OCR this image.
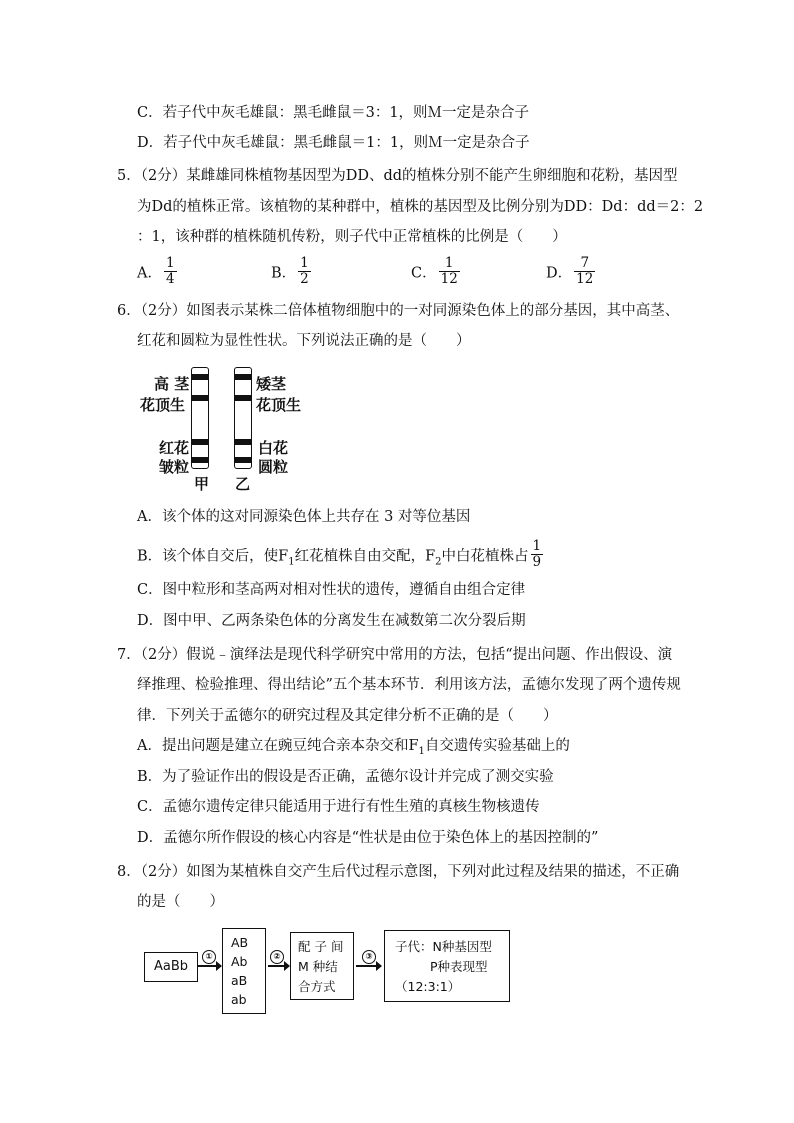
C．若子代中灰毛雄鼠：黑毛雌鼠＝3：1，则Ｍ一定是杂合子
D．若子代中灰毛雄鼠：黑毛雌鼠＝1：1，则Ｍ一定是杂合子
5．（2分）某雌雄同株植物基因型为DD、dd的植株分别不能产生卵细胞和花粉，基因型
为Dd的植株正常。该植物的某种群中，植株的基因型及比例分别为DD：Dd：dd＝2：2
：1，该种群的植株随机传粉，则子代中正常植株的比例是（　　）
A． $\frac{1}{4}$	B． $\frac{1}{2}$	C． $\frac{1}{12}$	D． $\frac{7}{12}$
6．（2分）如图表示某株二倍体植物细胞中的一对同源染色体上的部分基因，其中高茎、
红花和圆粒为显性性状。下列说法正确的是（　　）
高 茎
花顶生
红花
皱粒
矮茎
花顶生
白花
圆粒
甲 乙
A．该个体的这对同源染色体上共存在 3 对等位基因
B．该个体自交后，使$F_1$红花植株自由交配，$F_2$中白花植株占 $\frac{1}{9}$
C．图中粒形和茎高两对相对性状的遗传，遵循自由组合定律
D．图中甲、乙两条染色体的分离发生在减数第二次分裂后期
7．（2分）假说﹣演绎法是现代科学研究中常用的方法，包括“提出问题、作出假设、演
绎推理、检验推理、得出结论”五个基本环节．利用该方法，孟德尔发现了两个遗传规
律．下列关于孟德尔的研究过程及其定律分析不正确的是（　　）
A．提出问题是建立在豌豆纯合亲本杂交和$F_1$自交遗传实验基础上的
B．为了验证作出的假设是否正确，孟德尔设计并完成了测交实验
C．孟德尔遗传定律只能适用于进行有性生殖的真核生物核遗传
D．孟德尔所作假设的核心内容是“性状是由位于染色体上的基因控制的”
8．（2分）如图为某植株自交产生后代过程示意图，下列对此过程及结果的描述，不正确
的是（　　）
AaBb
①
AB
Ab
aB
ab
②
配 子 间
M 种结
合方式
③
子代：N种基因型
P种表现型
（12:3:1）
